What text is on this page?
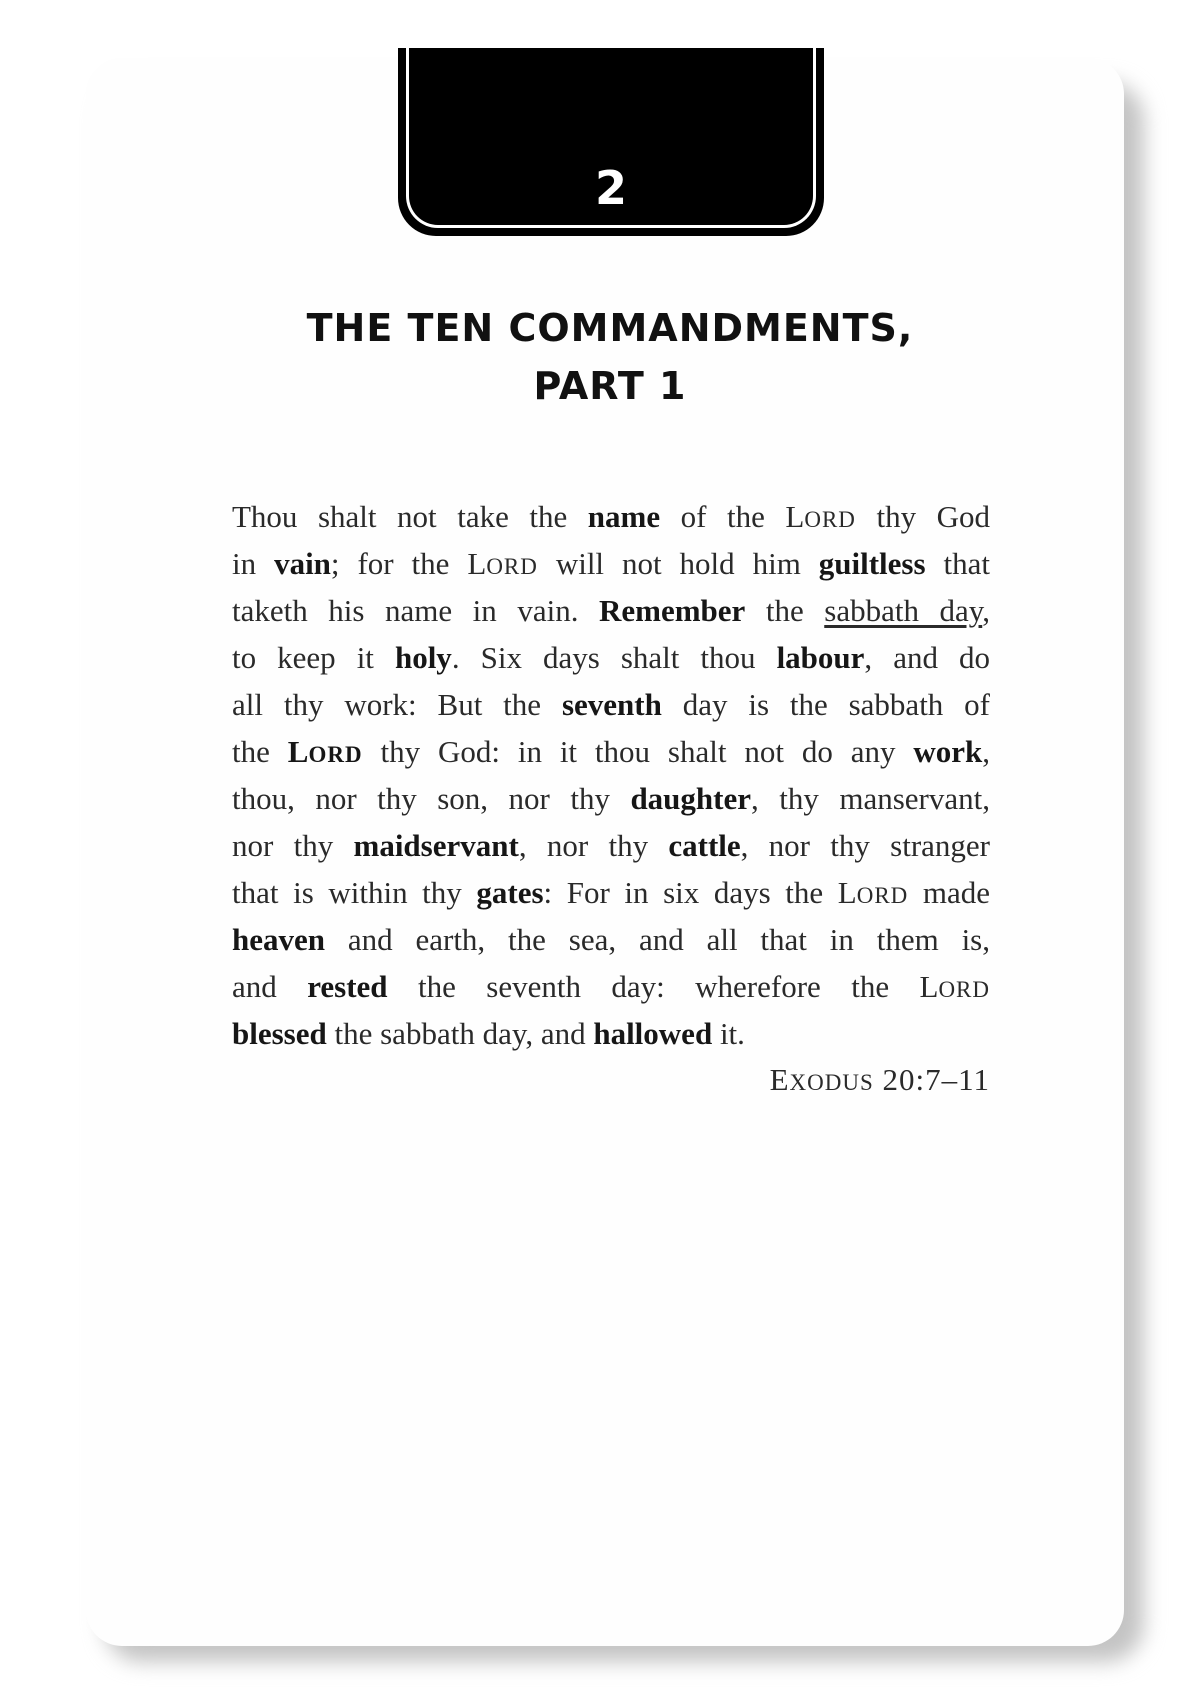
2
THE TEN COMMANDMENTS,
PART 1
Thou shalt not take the name of the LORD thy God
in vain; for the LORD will not hold him guiltless that
taketh his name in vain. Remember the sabbath day,
to keep it holy. Six days shalt thou labour, and do
all thy work: But the seventh day is the sabbath of
the LORD thy God: in it thou shalt not do any work,
thou, nor thy son, nor thy daughter, thy manservant,
nor thy maidservant, nor thy cattle, nor thy stranger
that is within thy gates: For in six days the LORD made
heaven and earth, the sea, and all that in them is,
and rested the seventh day: wherefore the LORD
blessed the sabbath day, and hallowed it.
EXODUS 20:7–11
